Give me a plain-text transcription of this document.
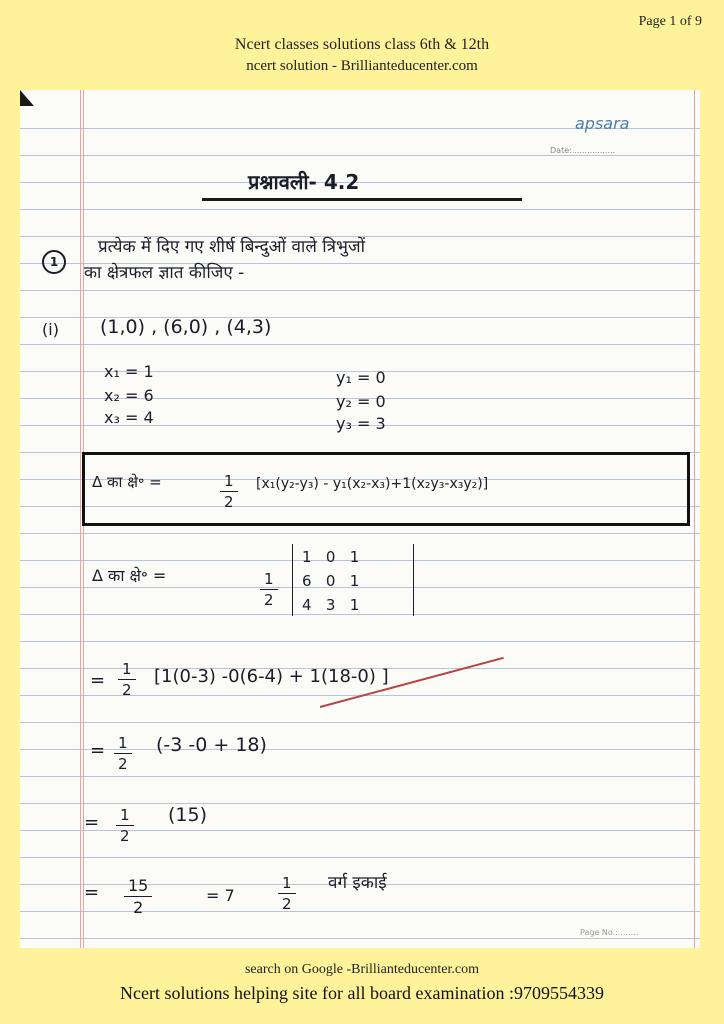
Page 1 of 9
Ncert classes solutions class 6th & 12th
ncert solution - Brillianteducenter.com
apsara
Date:.................
प्रश्नावली- 4.2
1
प्रत्येक में दिए गए शीर्ष बिन्दुओं वाले त्रिभुजों
का क्षेत्रफल ज्ञात कीजिए -
(i) (1,0) , (6,0) , (4,3)
x₁ = 1
x₂ = 6
x₃ = 4
y₁ = 0
y₂ = 0
y₃ = 3
Δ का क्षे॰ =	$\frac{1}{2} [x_1(y_2-y_3) - y_1(x_2-x_3)+1(x_2y_3-x_3y_2)]$
Δ का क्षे॰ =	$\frac{1}{2}$
1   0   1
6   0   1
4   3   1
= $\frac{1}{2} [1(0-3) -0(6-4) + 1(18-0)$ ]
= $\frac{1}{2} (-3$ -0 + 18)
= $\frac{1}{2} (15)$
= $\frac{15}{2}$	= 7	$\frac{1}{2}$ वर्ग इकाई
Page No.:........
search on Google -Brillianteducenter.com
Ncert solutions helping site for all board examination :9709554339
